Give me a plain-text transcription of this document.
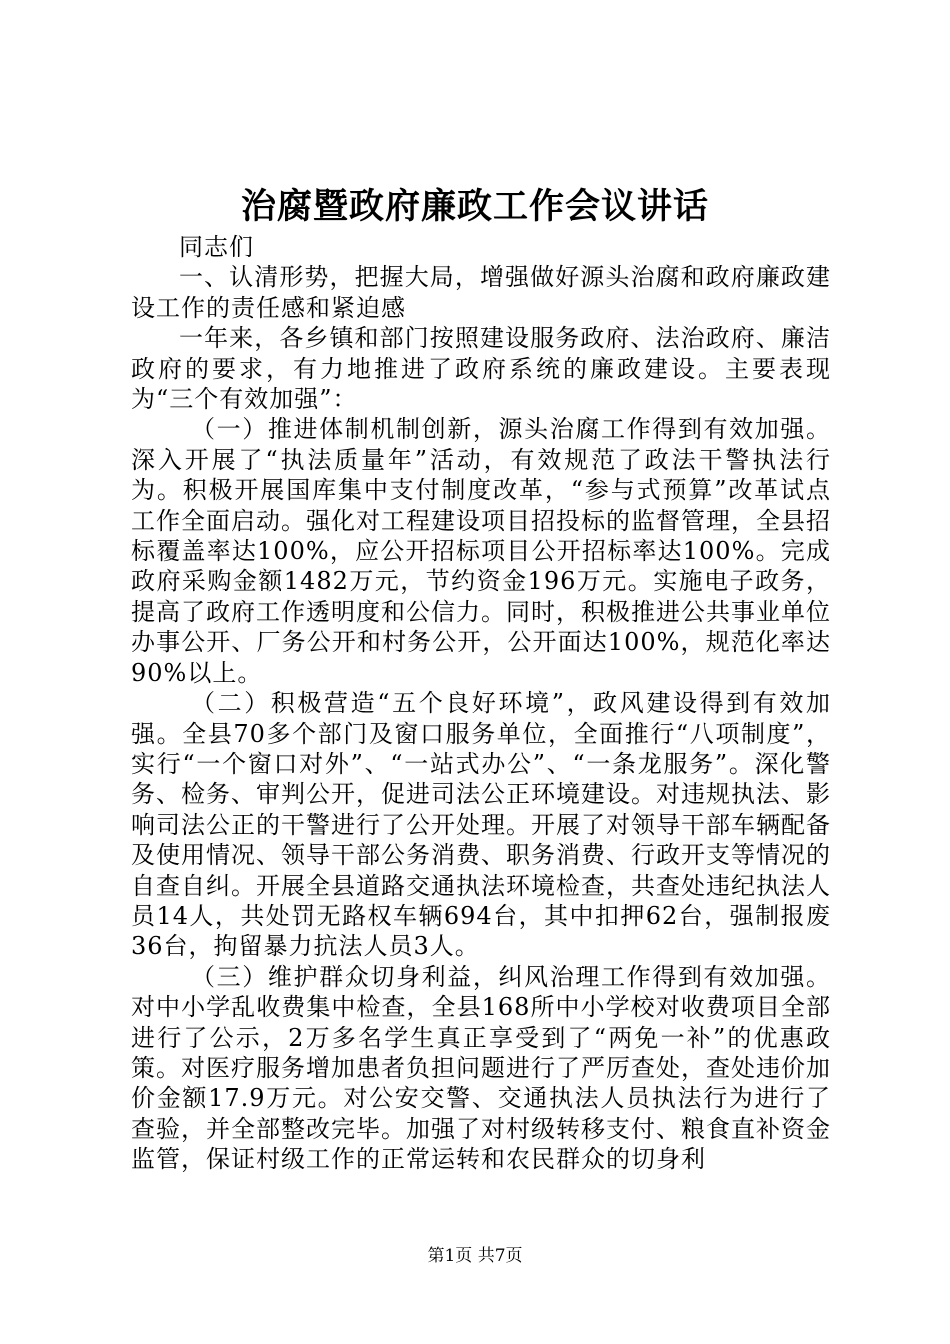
治腐暨政府廉政工作会议讲话

同志们

一、认清形势，把握大局，增强做好源头治腐和政府廉政建设工作的责任感和紧迫感

一年来，各乡镇和部门按照建设服务政府、法治政府、廉洁政府的要求，有力地推进了政府系统的廉政建设。主要表现为“三个有效加强”：

（一）推进体制机制创新，源头治腐工作得到有效加强。深入开展了“执法质量年”活动，有效规范了政法干警执法行为。积极开展国库集中支付制度改革，“参与式预算”改革试点工作全面启动。强化对工程建设项目招投标的监督管理，全县招标覆盖率达100%，应公开招标项目公开招标率达100%。完成政府采购金额1482万元，节约资金196万元。实施电子政务，提高了政府工作透明度和公信力。同时，积极推进公共事业单位办事公开、厂务公开和村务公开，公开面达100%，规范化率达90%以上。

（二）积极营造“五个良好环境”，政风建设得到有效加强。全县70多个部门及窗口服务单位，全面推行“八项制度”，实行“一个窗口对外”、“一站式办公”、“一条龙服务”。深化警务、检务、审判公开，促进司法公正环境建设。对违规执法、影响司法公正的干警进行了公开处理。开展了对领导干部车辆配备及使用情况、领导干部公务消费、职务消费、行政开支等情况的自查自纠。开展全县道路交通执法环境检查，共查处违纪执法人员14人，共处罚无路权车辆694台，其中扣押62台，强制报废36台，拘留暴力抗法人员3人。

（三）维护群众切身利益，纠风治理工作得到有效加强。对中小学乱收费集中检查，全县168所中小学校对收费项目全部进行了公示，2万多名学生真正享受到了“两免一补”的优惠政策。对医疗服务增加患者负担问题进行了严厉查处，查处违价加价金额17.9万元。对公安交警、交通执法人员执法行为进行了查验，并全部整改完毕。加强了对村级转移支付、粮食直补资金监管，保证村级工作的正常运转和农民群众的切身利

第1页 共7页
